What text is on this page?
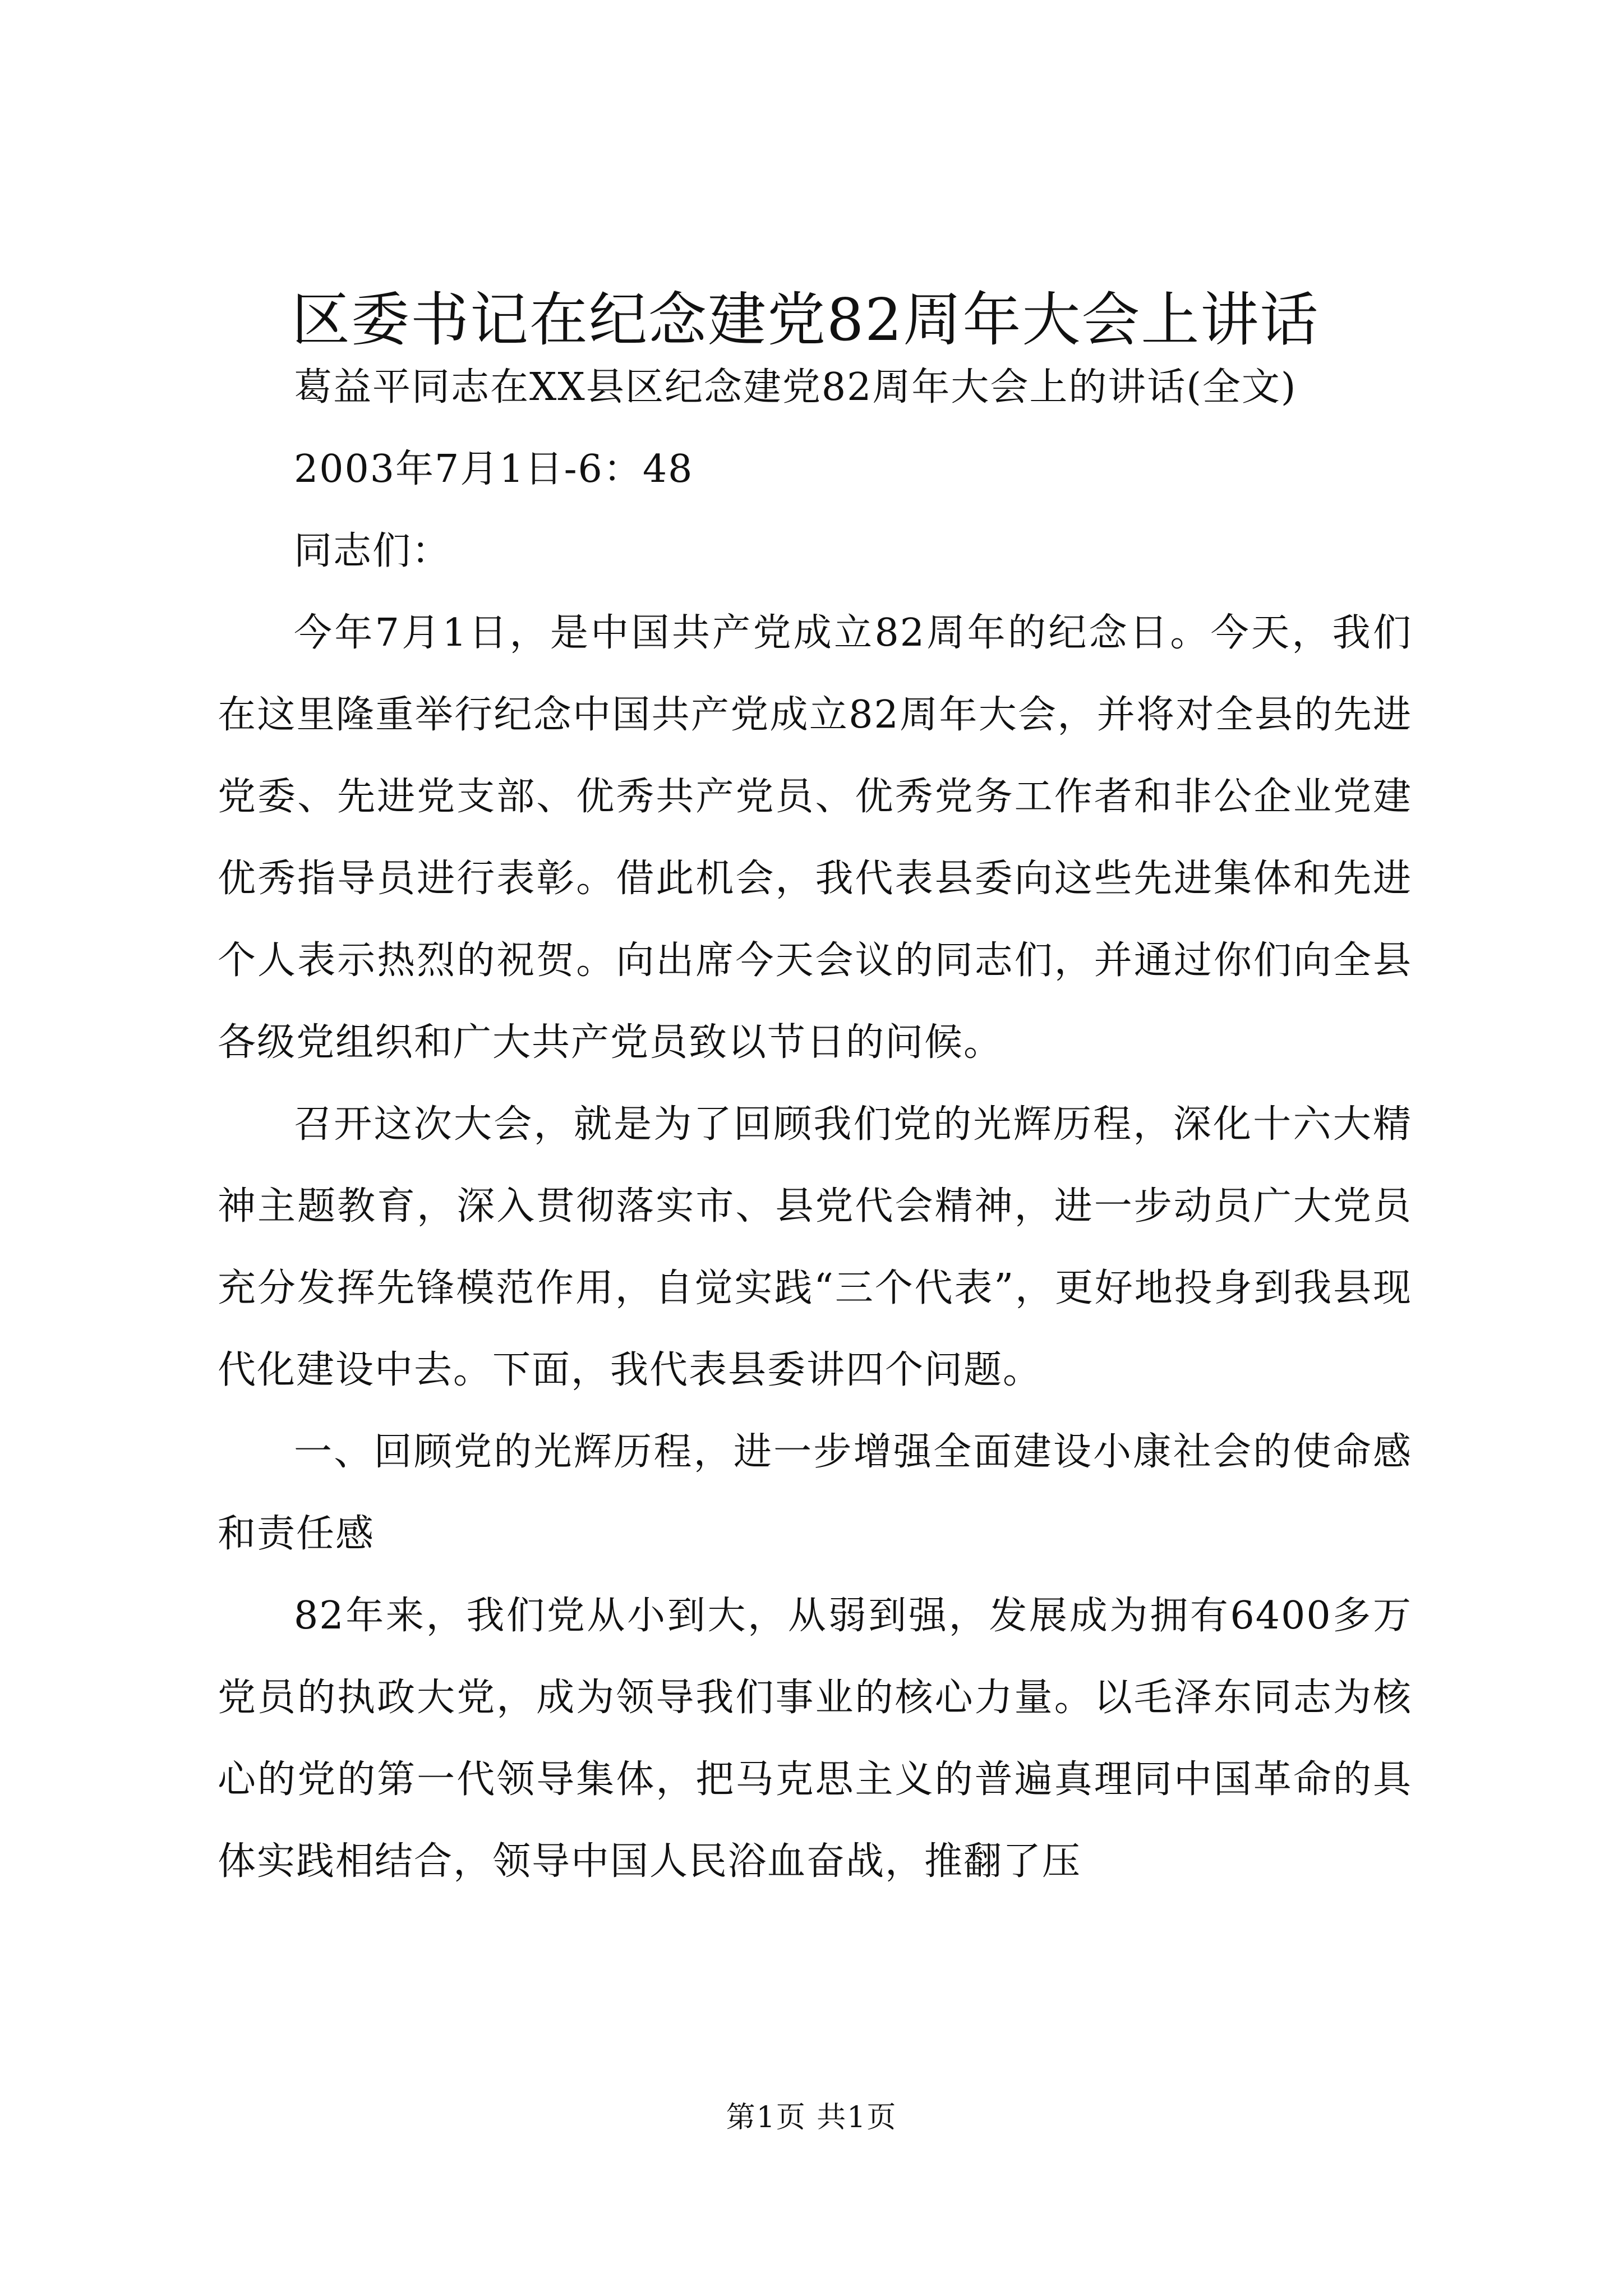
区委书记在纪念建党82周年大会上讲话

葛益平同志在XX县区纪念建党82周年大会上的讲话(全文)

2003年7月1日-6：48

同志们：

今年7月1日，是中国共产党成立82周年的纪念日。今天，我们在这里隆重举行纪念中国共产党成立82周年大会，并将对全县的先进党委、先进党支部、优秀共产党员、优秀党务工作者和非公企业党建优秀指导员进行表彰。借此机会，我代表县委向这些先进集体和先进个人表示热烈的祝贺。向出席今天会议的同志们，并通过你们向全县各级党组织和广大共产党员致以节日的问候。

召开这次大会，就是为了回顾我们党的光辉历程，深化十六大精神主题教育，深入贯彻落实市、县党代会精神，进一步动员广大党员充分发挥先锋模范作用，自觉实践“三个代表”，更好地投身到我县现代化建设中去。下面，我代表县委讲四个问题。

一、回顾党的光辉历程，进一步增强全面建设小康社会的使命感和责任感

82年来，我们党从小到大，从弱到强，发展成为拥有6400多万党员的执政大党，成为领导我们事业的核心力量。以毛泽东同志为核心的党的第一代领导集体，把马克思主义的普遍真理同中国革命的具体实践相结合，领导中国人民浴血奋战，推翻了压

第1页 共1页
